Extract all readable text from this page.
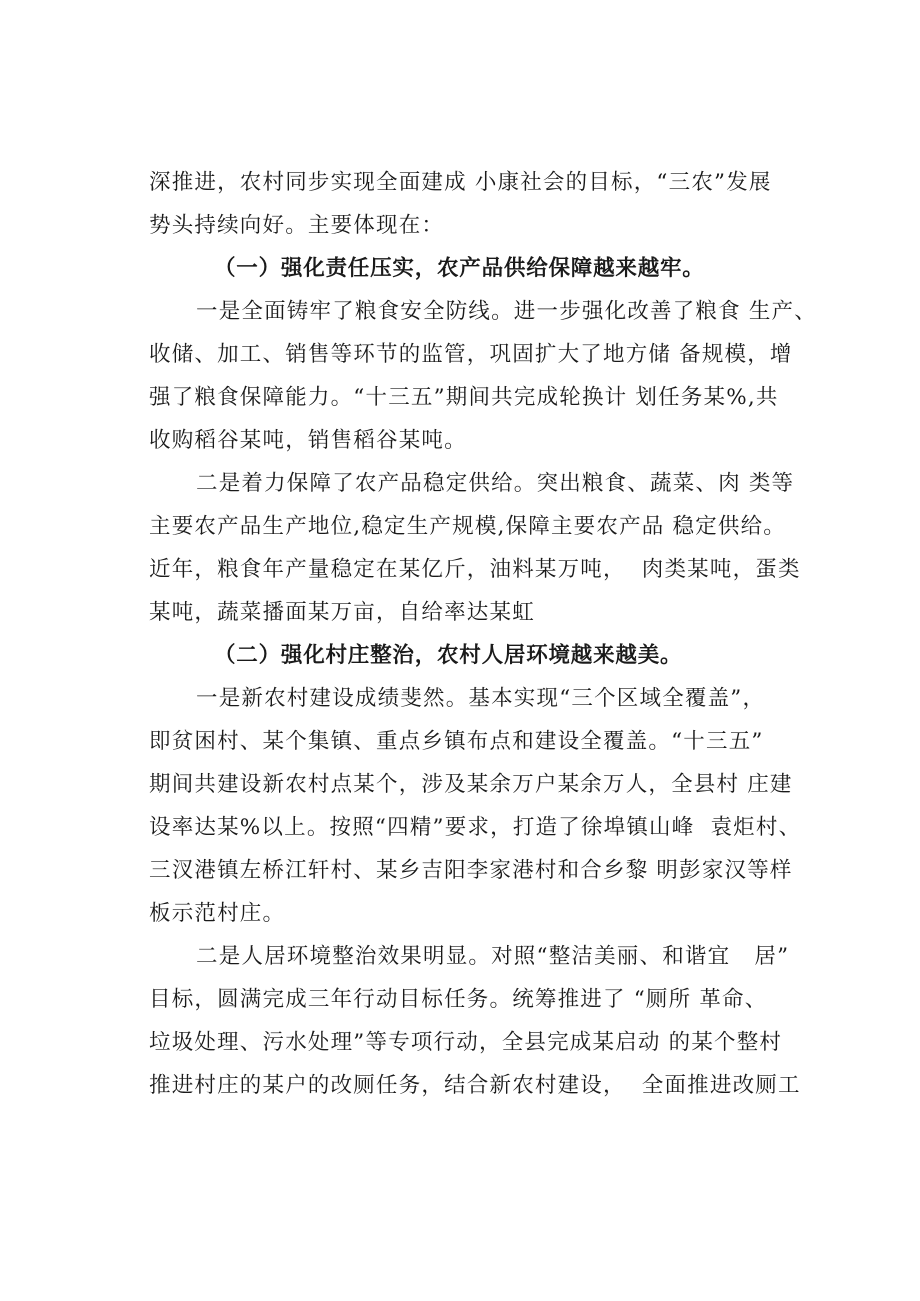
深推进，农村同步实现全面建成 小康社会的目标，“三农”发展
势头持续向好。主要体现在：
（一）强化责任压实，农产品供给保障越来越牢。
一是全面铸牢了粮食安全防线。进一步强化改善了粮食 生产、
收储、加工、销售等环节的监管，巩固扩大了地方储 备规模，增
强了粮食保障能力。“十三五”期间共完成轮换计 划任务某%,共
收购稻谷某吨，销售稻谷某吨。
二是着力保障了农产品稳定供给。突出粮食、蔬菜、肉 类等
主要农产品生产地位,稳定生产规模,保障主要农产品 稳定供给。
近年，粮食年产量稳定在某亿斤，油料某万吨，  肉类某吨，蛋类
某吨，蔬菜播面某万亩，自给率达某虹
（二）强化村庄整治，农村人居环境越来越美。
一是新农村建设成绩斐然。基本实现“三个区域全覆盖”，
即贫困村、某个集镇、重点乡镇布点和建设全覆盖。“十三五”
期间共建设新农村点某个，涉及某余万户某余万人，全县村 庄建
设率达某%以上。按照“四精”要求，打造了徐埠镇山峰  袁炬村、
三汊港镇左桥江轩村、某乡吉阳李家港村和合乡黎 明彭家汉等样
板示范村庄。
二是人居环境整治效果明显。对照“整洁美丽、和谐宜   居”
目标，圆满完成三年行动目标任务。统筹推进了 “厕所 革命、
垃圾处理、污水处理”等专项行动，全县完成某启动 的某个整村
推进村庄的某户的改厕任务，结合新农村建设，  全面推进改厕工
